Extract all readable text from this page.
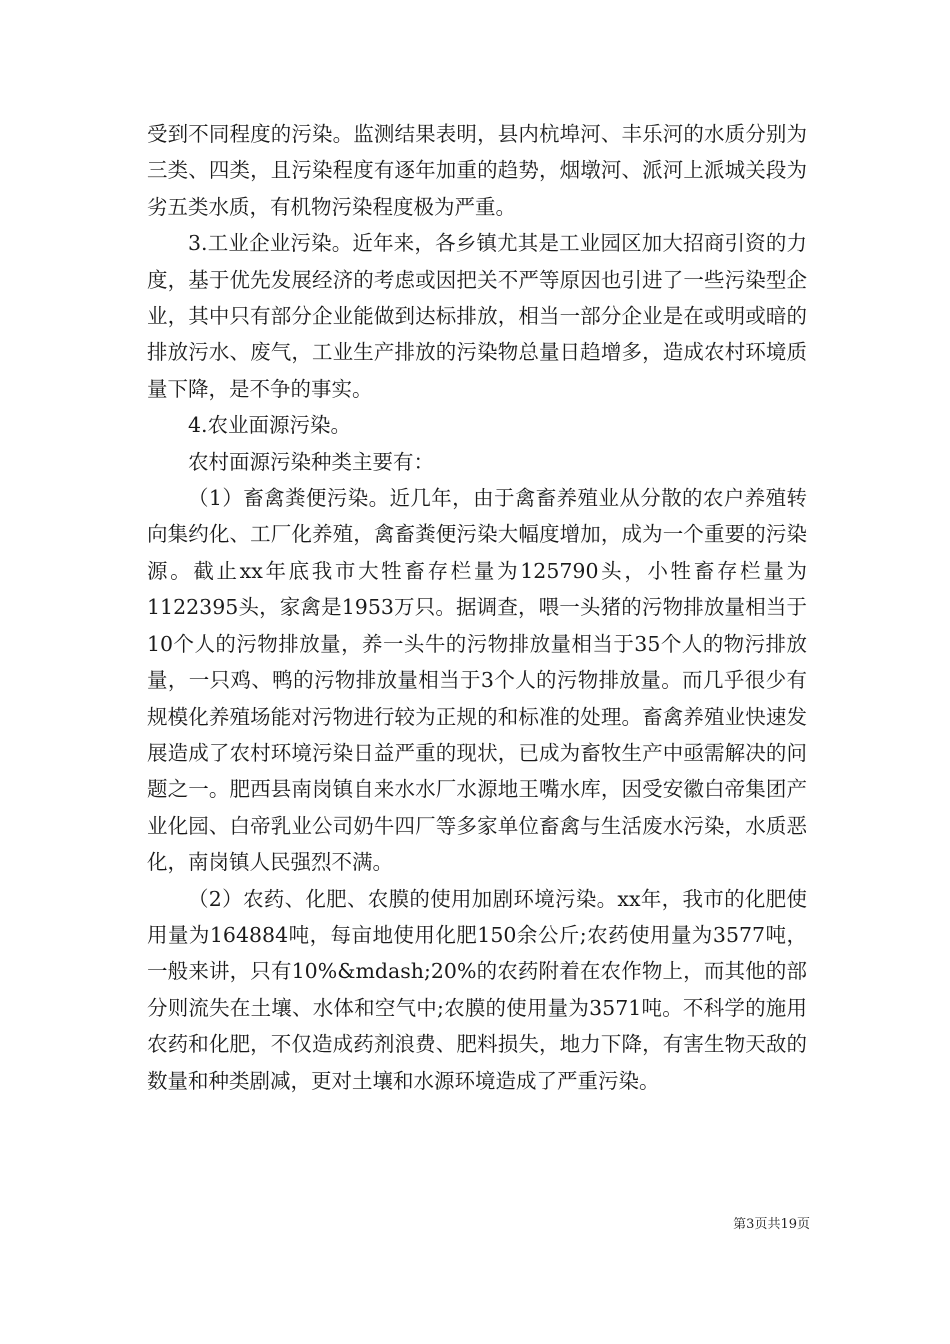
受到不同程度的污染。监测结果表明，县内杭埠河、丰乐河的水质分别为三类、四类，且污染程度有逐年加重的趋势，烟墩河、派河上派城关段为劣五类水质，有机物污染程度极为严重。

3.工业企业污染。近年来，各乡镇尤其是工业园区加大招商引资的力度，基于优先发展经济的考虑或因把关不严等原因也引进了一些污染型企业，其中只有部分企业能做到达标排放，相当一部分企业是在或明或暗的排放污水、废气，工业生产排放的污染物总量日趋增多，造成农村环境质量下降，是不争的事实。

4.农业面源污染。

农村面源污染种类主要有：

（1）畜禽粪便污染。近几年，由于禽畜养殖业从分散的农户养殖转向集约化、工厂化养殖，禽畜粪便污染大幅度增加，成为一个重要的污染源。截止xx年底我市大牲畜存栏量为125790头，小牲畜存栏量为1122395头，家禽是1953万只。据调查，喂一头猪的污物排放量相当于10个人的污物排放量，养一头牛的污物排放量相当于35个人的物污排放量，一只鸡、鸭的污物排放量相当于3个人的污物排放量。而几乎很少有规模化养殖场能对污物进行较为正规的和标准的处理。畜禽养殖业快速发展造成了农村环境污染日益严重的现状，已成为畜牧生产中亟需解决的问题之一。肥西县南岗镇自来水水厂水源地王嘴水库，因受安徽白帝集团产业化园、白帝乳业公司奶牛四厂等多家单位畜禽与生活废水污染，水质恶化，南岗镇人民强烈不满。

（2）农药、化肥、农膜的使用加剧环境污染。xx年，我市的化肥使用量为164884吨，每亩地使用化肥150余公斤;农药使用量为3577吨，一般来讲，只有10%&mdash;20%的农药附着在农作物上，而其他的部分则流失在土壤、水体和空气中;农膜的使用量为3571吨。不科学的施用农药和化肥，不仅造成药剂浪费、肥料损失，地力下降，有害生物天敌的数量和种类剧减，更对土壤和水源环境造成了严重污染。

第3页共19页
